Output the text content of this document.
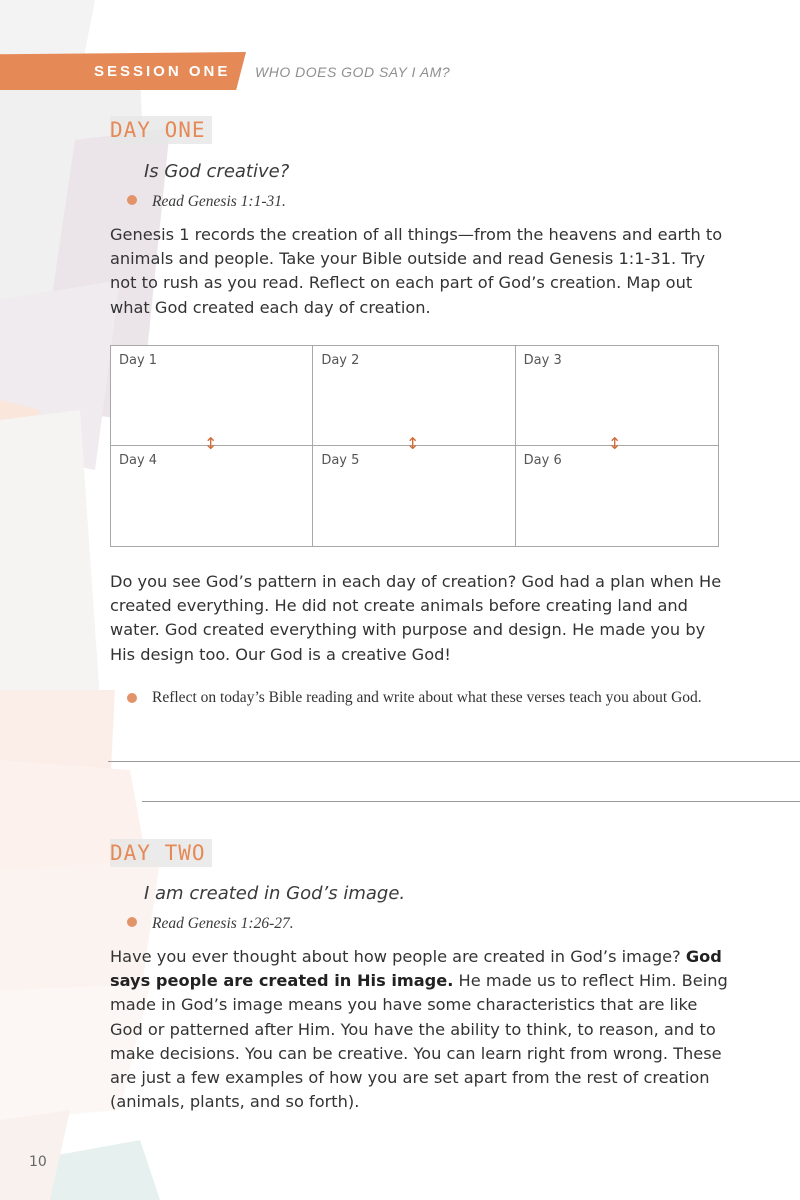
SESSION ONE WHO DOES GOD SAY I AM?
DAY ONE
Is God creative?
Read Genesis 1:1-31.
Genesis 1 records the creation of all things—from the heavens and earth to animals and people. Take your Bible outside and read Genesis 1:1-31. Try not to rush as you read. Reflect on each part of God’s creation. Map out what God created each day of creation.
Day 1	Day 2	Day 3
Day 4	Day 5	Day 6
↕	↕	↕
Do you see God’s pattern in each day of creation? God had a plan when He created everything. He did not create animals before creating land and water. God created everything with purpose and design. He made you by His design too. Our God is a creative God!
Reflect on today’s Bible reading and write about what these verses teach you about God.
DAY TWO
I am created in God’s image.
Read Genesis 1:26-27.
Have you ever thought about how people are created in God’s image? God says people are created in His image. He made us to reflect Him. Being made in God’s image means you have some characteristics that are like God or patterned after Him. You have the ability to think, to reason, and to make decisions. You can be creative. You can learn right from wrong. These are just a few examples of how you are set apart from the rest of creation (animals, plants, and so forth).
10
